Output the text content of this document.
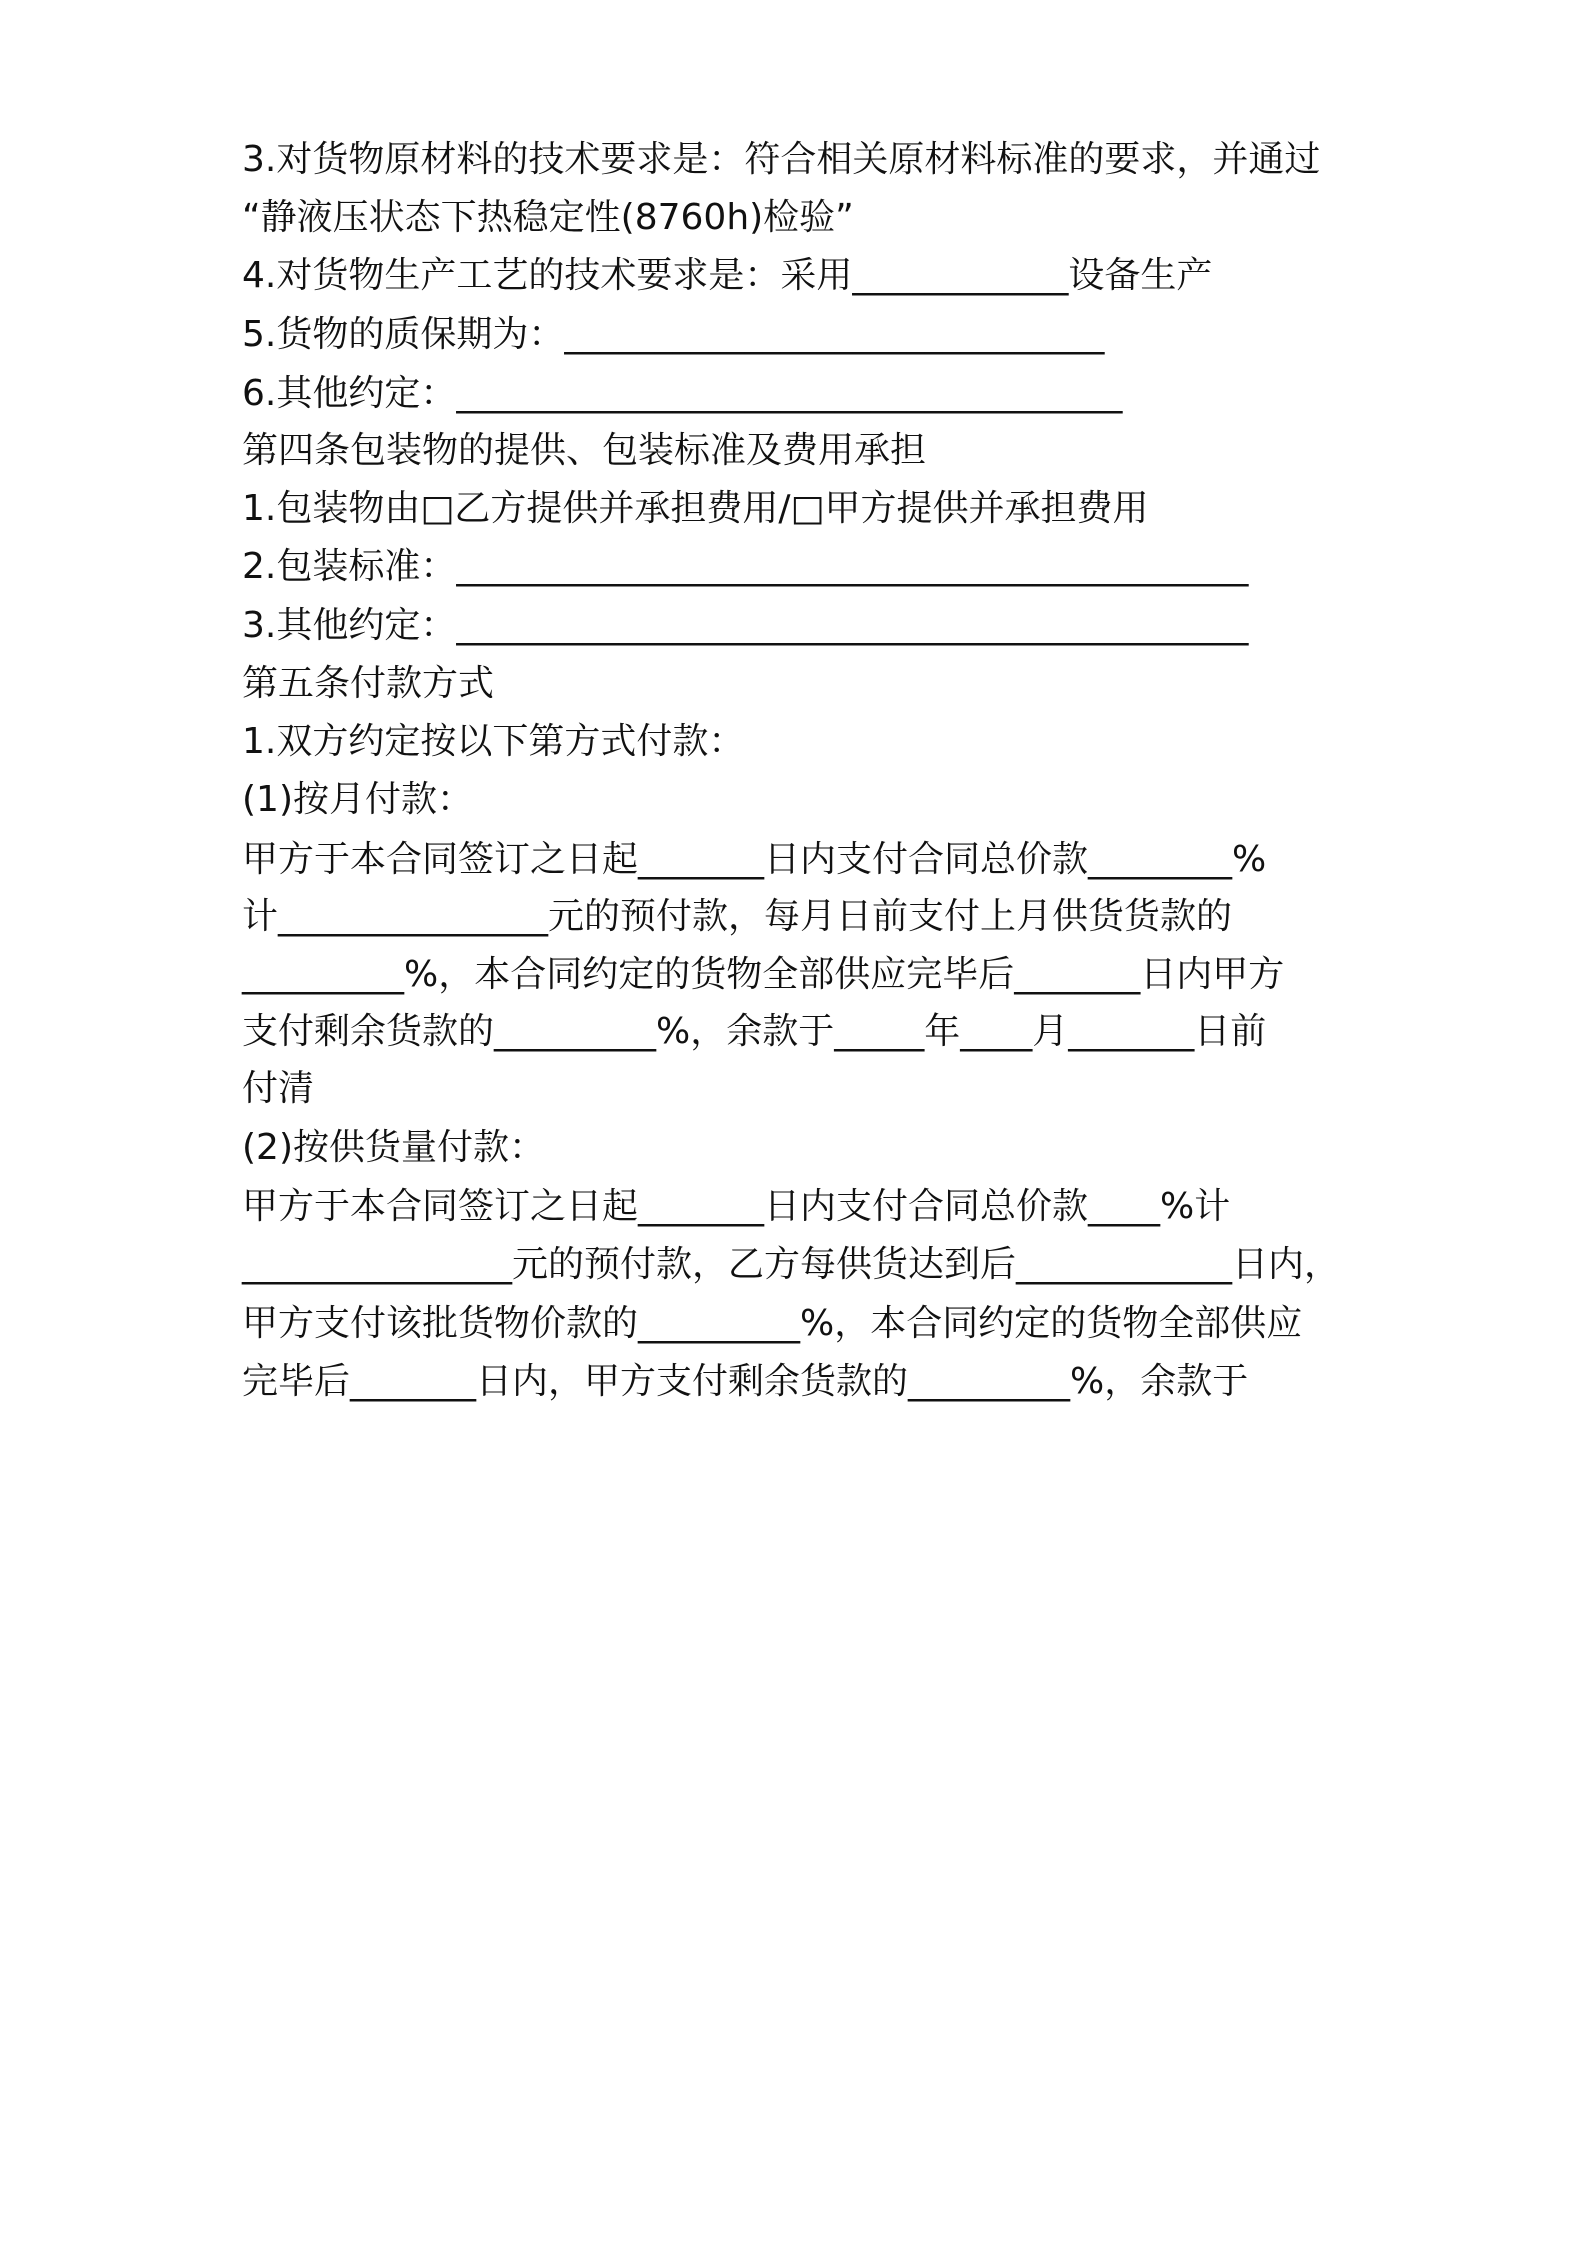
3.对货物原材料的技术要求是：符合相关原材料标准的要求，并通过

“静液压状态下热稳定性(8760h)检验”

4.对货物生产工艺的技术要求是：采用____________设备生产

5.货物的质保期为：______________________________

6.其他约定：_____________________________________

第四条包装物的提供、包装标准及费用承担

1.包装物由□乙方提供并承担费用/□甲方提供并承担费用

2.包装标准：____________________________________________

3.其他约定：____________________________________________

第五条付款方式

1.双方约定按以下第方式付款：

(1)按月付款：

甲方于本合同签订之日起_______日内支付合同总价款________%

计_______________元的预付款，每月日前支付上月供货货款的

_________%，本合同约定的货物全部供应完毕后_______日内甲方

支付剩余货款的_________%，余款于_____年____月_______日前

付清

(2)按供货量付款：

甲方于本合同签订之日起_______日内支付合同总价款____%计

_______________元的预付款，乙方每供货达到后____________日内，

甲方支付该批货物价款的_________%，本合同约定的货物全部供应

完毕后_______日内，甲方支付剩余货款的_________%，余款于
